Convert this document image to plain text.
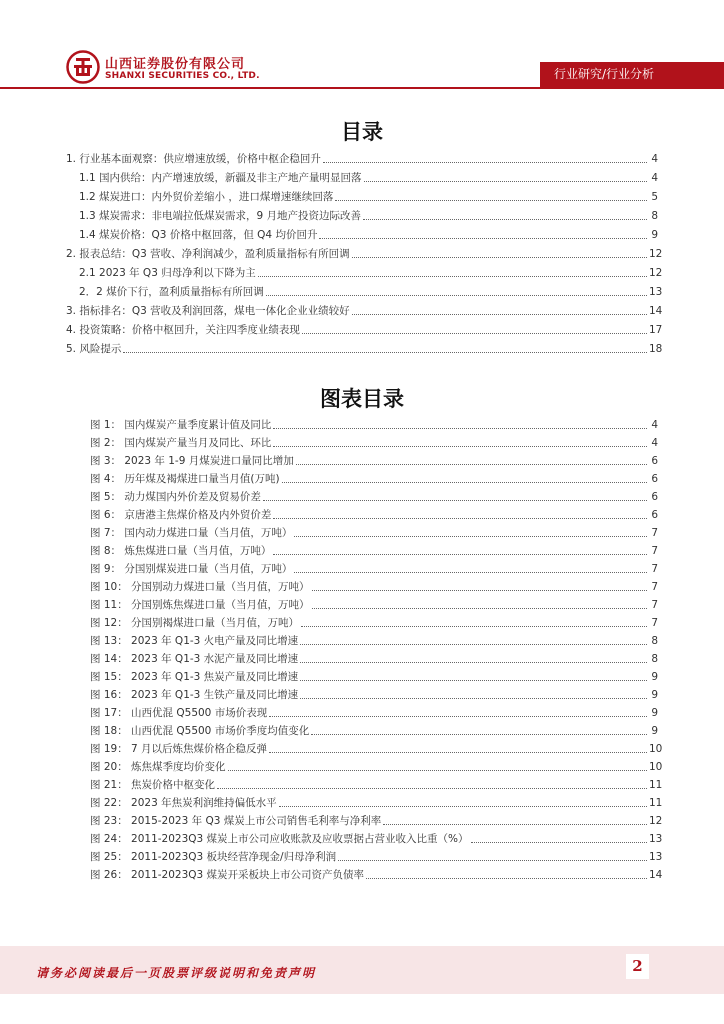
山西证券股份有限公司
SHANXI SECURITIES CO., LTD.	行业研究/行业分析
目录
1. 行业基本面观察：供应增速放缓，价格中枢企稳回升	4
1.1 国内供给：内产增速放缓，新疆及非主产地产量明显回落	4
1.2 煤炭进口：内外贸价差缩小 ，进口煤增速继续回落	5
1.3 煤炭需求：非电端拉低煤炭需求，9 月地产投资边际改善	8
1.4 煤炭价格：Q3 价格中枢回落，但 Q4 均价回升	9
2. 报表总结：Q3 营收、净利润减少，盈利质量指标有所回调	12
2.1 2023 年 Q3 归母净利以下降为主	12
2．2 煤价下行，盈利质量指标有所回调	13
3. 指标排名：Q3 营收及利润回落，煤电一体化企业业绩较好	14
4. 投资策略：价格中枢回升，关注四季度业绩表现	17
5. 风险提示	18
图表目录
图 1： 国内煤炭产量季度累计值及同比	4
图 2： 国内煤炭产量当月及同比、环比	4
图 3： 2023 年 1-9 月煤炭进口量同比增加	6
图 4： 历年煤及褐煤进口量当月值(万吨)	6
图 5： 动力煤国内外价差及贸易价差	6
图 6： 京唐港主焦煤价格及内外贸价差	6
图 7： 国内动力煤进口量（当月值，万吨）	7
图 8： 炼焦煤进口量（当月值，万吨）	7
图 9： 分国别煤炭进口量（当月值，万吨）	7
图 10： 分国别动力煤进口量（当月值，万吨）	7
图 11： 分国别炼焦煤进口量（当月值，万吨）	7
图 12： 分国别褐煤进口量（当月值，万吨）	7
图 13： 2023 年 Q1-3 火电产量及同比增速	8
图 14： 2023 年 Q1-3 水泥产量及同比增速	8
图 15： 2023 年 Q1-3 焦炭产量及同比增速	9
图 16： 2023 年 Q1-3 生铁产量及同比增速	9
图 17： 山西优混 Q5500 市场价表现	9
图 18： 山西优混 Q5500 市场价季度均值变化	9
图 19： 7 月以后炼焦煤价格企稳反弹	10
图 20： 炼焦煤季度均价变化	10
图 21： 焦炭价格中枢变化	11
图 22： 2023 年焦炭利润维持偏低水平	11
图 23： 2015-2023 年 Q3 煤炭上市公司销售毛利率与净利率	12
图 24： 2011-2023Q3 煤炭上市公司应收账款及应收票据占营业收入比重（%）	13
图 25： 2011-2023Q3 板块经营净现金/归母净利润	13
图 26： 2011-2023Q3 煤炭开采板块上市公司资产负债率	14
请务必阅读最后一页股票评级说明和免责声明	2
